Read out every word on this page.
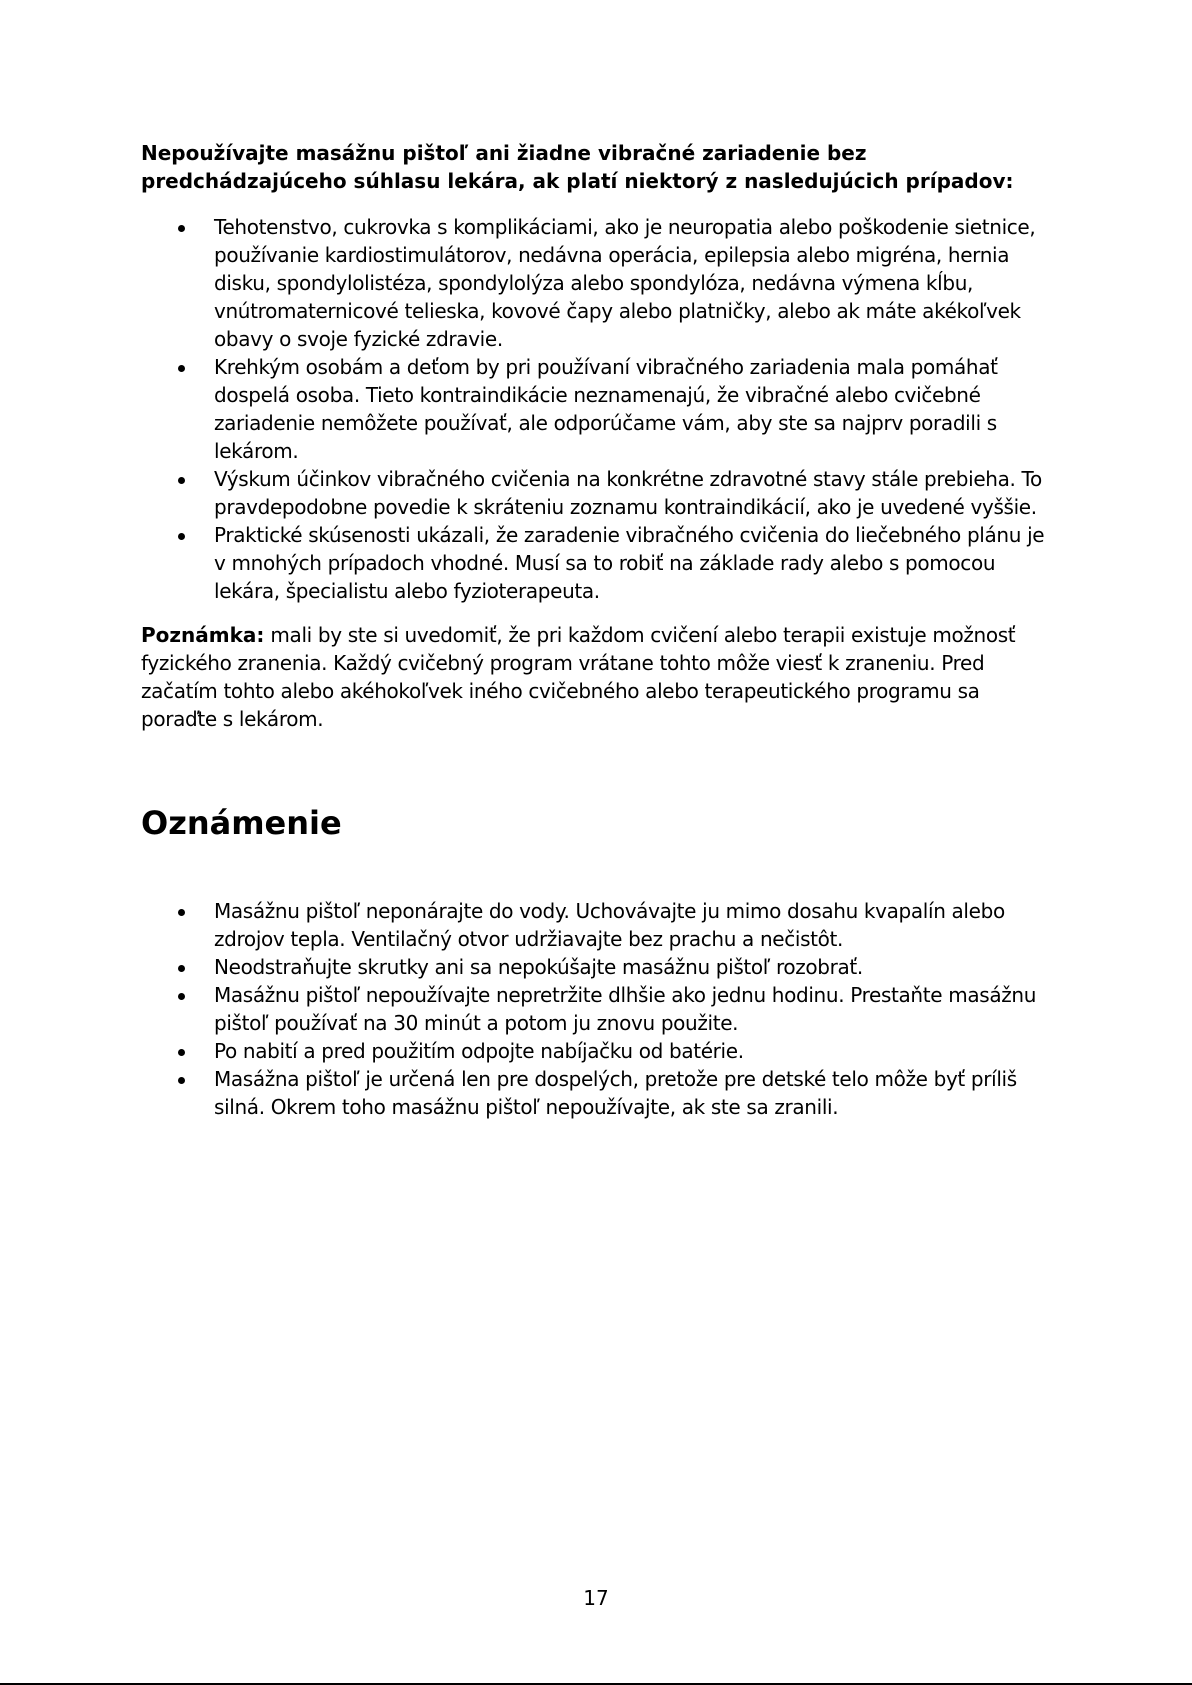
Nepoužívajte masážnu pištoľ ani žiadne vibračné zariadenie bez predchádzajúceho súhlasu lekára, ak platí niektorý z nasledujúcich prípadov:

Tehotenstvo, cukrovka s komplikáciami, ako je neuropatia alebo poškodenie sietnice, používanie kardiostimulátorov, nedávna operácia, epilepsia alebo migréna, hernia disku, spondylolistéza, spondylolýza alebo spondylóza, nedávna výmena kĺbu, vnútromaternicové telieska, kovové čapy alebo platničky, alebo ak máte akékoľvek obavy o svoje fyzické zdravie.
Krehkým osobám a deťom by pri používaní vibračného zariadenia mala pomáhať dospelá osoba. Tieto kontraindikácie neznamenajú, že vibračné alebo cvičebné zariadenie nemôžete používať, ale odporúčame vám, aby ste sa najprv poradili s lekárom.
Výskum účinkov vibračného cvičenia na konkrétne zdravotné stavy stále prebieha. To pravdepodobne povedie k skráteniu zoznamu kontraindikácií, ako je uvedené vyššie.
Praktické skúsenosti ukázali, že zaradenie vibračného cvičenia do liečebného plánu je v mnohých prípadoch vhodné. Musí sa to robiť na základe rady alebo s pomocou lekára, špecialistu alebo fyzioterapeuta.

Poznámka: mali by ste si uvedomiť, že pri každom cvičení alebo terapii existuje možnosť fyzického zranenia. Každý cvičebný program vrátane tohto môže viesť k zraneniu. Pred začatím tohto alebo akéhokoľvek iného cvičebného alebo terapeutického programu sa poraďte s lekárom.

Oznámenie
Masážnu pištoľ neponárajte do vody. Uchovávajte ju mimo dosahu kvapalín alebo zdrojov tepla. Ventilačný otvor udržiavajte bez prachu a nečistôt.
Neodstraňujte skrutky ani sa nepokúšajte masážnu pištoľ rozobrať.
Masážnu pištoľ nepoužívajte nepretržite dlhšie ako jednu hodinu. Prestaňte masážnu pištoľ používať na 30 minút a potom ju znovu použite.
Po nabití a pred použitím odpojte nabíjačku od batérie.
Masážna pištoľ je určená len pre dospelých, pretože pre detské telo môže byť príliš silná. Okrem toho masážnu pištoľ nepoužívajte, ak ste sa zranili.
17
